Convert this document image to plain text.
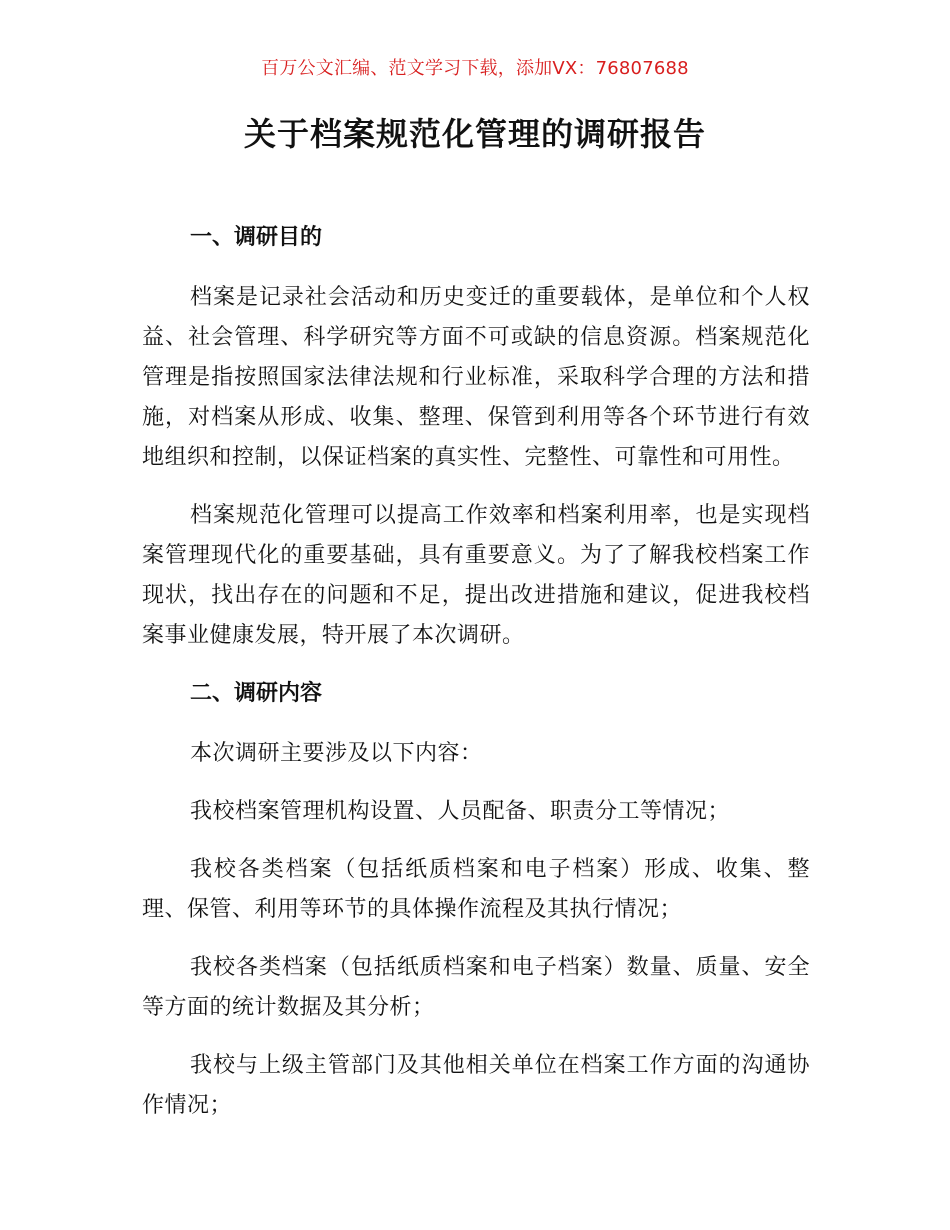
百万公文汇编、范文学习下载，添加VX：76807688
关于档案规范化管理的调研报告
一、调研目的

档案是记录社会活动和历史变迁的重要载体，是单位和个人权益、社会管理、科学研究等方面不可或缺的信息资源。档案规范化管理是指按照国家法律法规和行业标准，采取科学合理的方法和措施，对档案从形成、收集、整理、保管到利用等各个环节进行有效地组织和控制，以保证档案的真实性、完整性、可靠性和可用性。

档案规范化管理可以提高工作效率和档案利用率，也是实现档案管理现代化的重要基础，具有重要意义。为了了解我校档案工作现状，找出存在的问题和不足，提出改进措施和建议，促进我校档案事业健康发展，特开展了本次调研。

二、调研内容

本次调研主要涉及以下内容：

我校档案管理机构设置、人员配备、职责分工等情况；

我校各类档案（包括纸质档案和电子档案）形成、收集、整理、保管、利用等环节的具体操作流程及其执行情况；

我校各类档案（包括纸质档案和电子档案）数量、质量、安全等方面的统计数据及其分析；

我校与上级主管部门及其他相关单位在档案工作方面的沟通协作情况；
